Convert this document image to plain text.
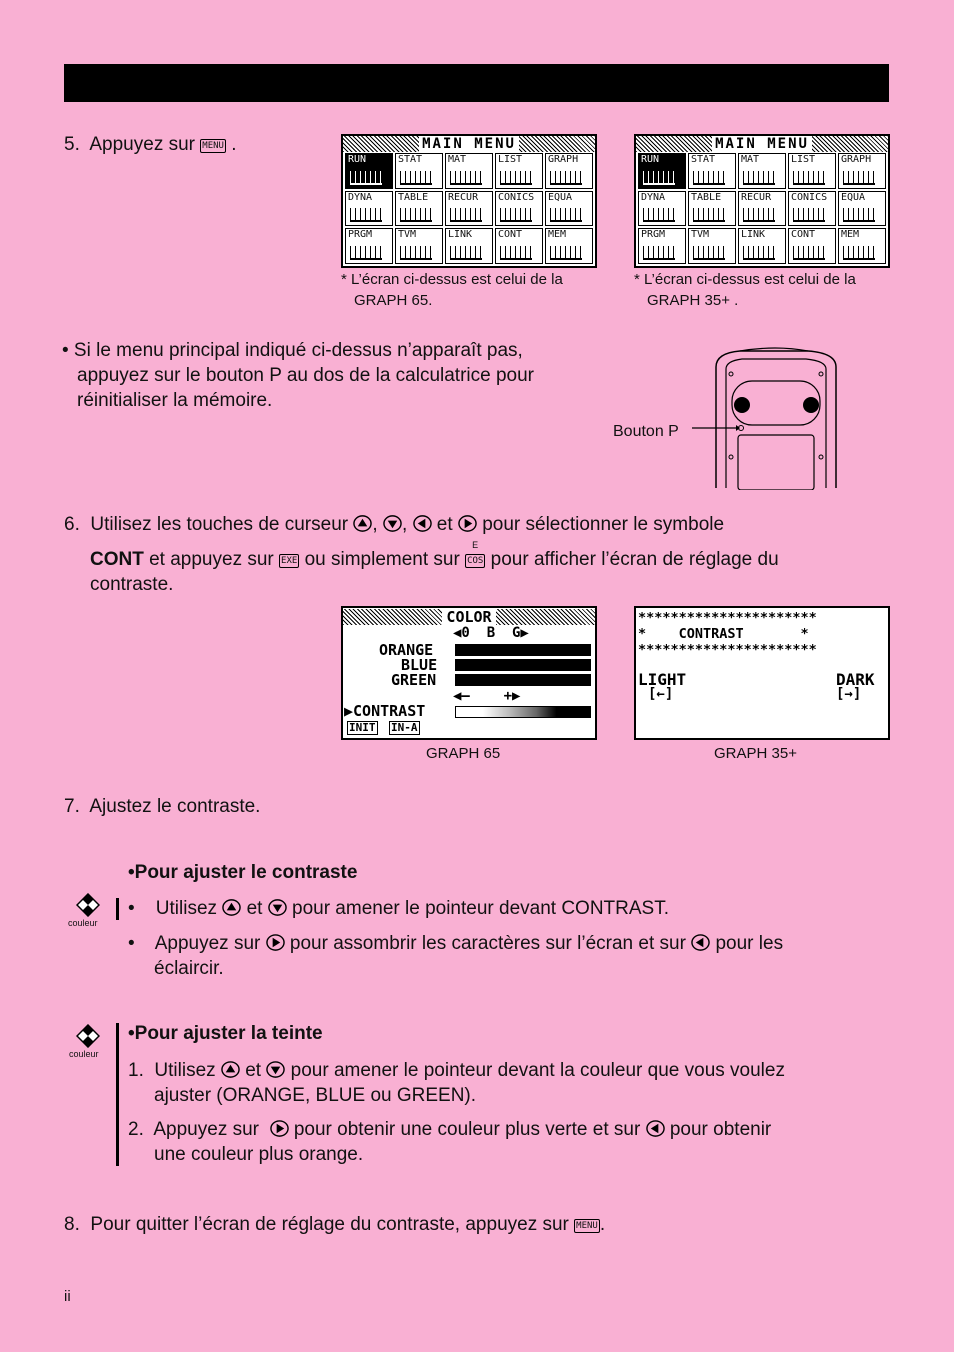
5. Appuyez sur MENU .	MAIN MENU
RUN	STAT	MAT	LIST	GRAPH
DYNA	TABLE	RECUR	CONICS	EQUA
PRGM	TVM	LINK	CONT	MEM
* L’écran ci-dessus est celui de la
GRAPH 65.
MAIN MENU
RUN	STAT	MAT	LIST	GRAPH
DYNA	TABLE	RECUR	CONICS	EQUA
PRGM	TVM	LINK	CONT	MEM
* L’écran ci-dessus est celui de la
GRAPH 35+ .
• Si le menu principal indiqué ci-dessus n’apparaît pas,
appuyez sur le bouton P au dos de la calculatrice pour
réinitialiser la mémoire.
Bouton P
6. Utilisez les touches de curseur , , et pour sélectionner le symbole
CONT et appuyez sur EXE ou simplement sur
E
COS pour afficher l’écran de réglage du
contraste.
COLOR
◀0  B  G▶
ORANGE
BLUE
GREEN
◀—    +▶
▶CONTRAST
INIT IN-A
GRAPH 65
**********************
*    CONTRAST       *
**********************
LIGHT
[←]
DARK
[→]
GRAPH 35+
7. Ajustez le contraste.
•Pour ajuster le contraste
couleur
• Utilisez et pour amener le pointeur devant CONTRAST.
• Appuyez sur pour assombrir les caractères sur l’écran et sur pour les
éclaircir.
couleur
•Pour ajuster la teinte
1. Utilisez et pour amener le pointeur devant la couleur que vous voulez
ajuster (ORANGE, BLUE ou GREEN).
2. Appuyez sur pour obtenir une couleur plus verte et sur pour obtenir
une couleur plus orange.
8. Pour quitter l’écran de réglage du contraste, appuyez sur MENU .
ii
